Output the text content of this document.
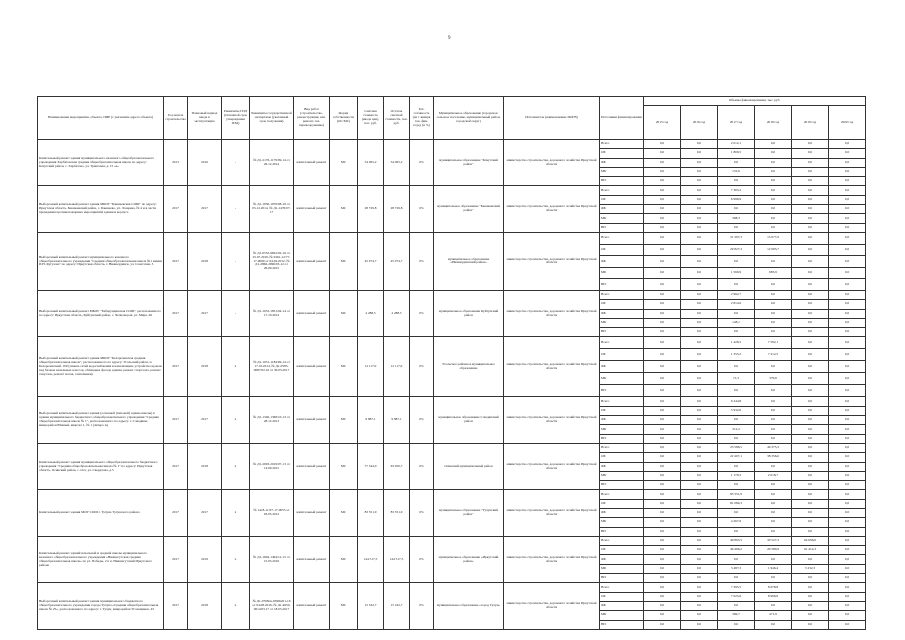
9
Наименование мероприятия, объекта, ПИР (с указанием адреса объекта)	Год начала строительства	Плановый период ввода в эксплуатацию	Реквизиты ПЭД (Основной срок утверждения ПЭД)	Реквизиты государственной экспертизы (указанный срок получения)	Вид работ (строительство, реконструкция, кап. ремонт, тех. перевооружение)	Форма собственности (ОС/МС)	Сметная стоимость (ввода цен), тыс. руб.	Остаток сметной стоимости, тыс. руб.	Тех. готовность (на 1 января тек. фин. года), (в %)	Муниципальное образование (городское/сельское поселение, муниципальный район, городской округ)	Исполнитель (наименование ИОГВ)	Источники финансирования	Объемы финансирования, тыс. руб.					
													2015 год	2016 год	2017 год	2018 год	2019 год	2020 год
Капитальный ремонт здания муниципального казенного общеобразовательного учреждения Харбатовская средняя общеобразовательная школа по адресу: Качугский район, с. Харбатово, ул. Трактовая, д. 15 «а»	2013	2016	-	№ Д1-2176-1179/09-14 от 26.12.2014	капитальный ремонт	МС	54 065,2	54 065,2	0%	муниципальное образование "Качугский район"	министерство строительства, дорожного хозяйства Иркутской области	Всего	0,0	0,0	2 012,1	0,0	0,0	0,0
												ОБ	0,0	0,0	1 809,5	0,0	0,0	0,0
												ФБ	0,0	0,0	0,0	0,0	0,0	0,0
												МБ	0,0	0,0	152,6	0,0	0,0	0,0
												ВИ	0,0	0,0	0,0	0,0	0,0	0,0
Выборочный капитальный ремонт здания МБОУ "Бакшеевская СОШ" по адресу: Иркутская область, Бакшеевский район, с. Бакшеево, ул. Лазарева, № 4 и в части проведения противопожарных мероприятий здания и корпуса	2017	2017	-	№ Д1-1936-1976/08-16 от 05.12.2014, № Д1-1476/07-17	капитальный ремонт	МС	28 729,8	28 729,8	0%	муниципальное образование "Бакшеевский район"	министерство строительства, дорожного хозяйства Иркутской области	Всего	0,0	0,0	7 365,2	0,0	0,0	0,0
												ОБ	0,0	0,0	6 996,9	0,0	0,0	0,0
												ФБ	0,0	0,0	0,0	0,0	0,0	0,0
												МБ	0,0	0,0	368,3	0,0	0,0	0,0
												ВИ	0,0	0,0	0,0	0,0	0,0	0,0
Выборочный капитальный ремонт муниципального казенного общеобразовательного учреждения "Средняя общеобразовательная школа №1 имени И.Н. Кутузова" по адресу: Иркутская область, г. Нижнеудинск, ул. Советская, 3	2017	2018	-	№ Д1-0552-9822/02-16 от 25.07.2016, № 0261-12/77-17-0060 от 04.04.2012, № Д1-2866-2096/03-12 от 29.09.2015	капитальный ремонт	МС	45 074,7	45 074,7	0%	муниципальное образование «Нижнеудинский район»	министерство строительства, дорожного хозяйства Иркутской области	Всего	0,0	0,0	31 397,3	13 677,9	0,0	0,0
												ОБ	0,0	0,0	29 827,3	12 993,7	0,0	0,0
												ФБ	0,0	0,0	0,0	0,0	0,0	0,0
												МБ	0,0	0,0	1 569,9	683,9	0,0	0,0
												ВИ	0,0	0,0	0,0	0,0	0,0	0,0
Выборочный капитальный ремонт МБОУ "Тиберундинская СОШ", расположенного по адресу: Иркутская область, Куйтунский район, с. Челноворов, ул. Мира, 46	2017	2017	-	№ Д1-1033-1831/04-14 от 17.10.2014	капитальный ремонт	МС	4 288,5	4 288,5	0%	муниципальное образование Куйтунский район	министерство строительства, дорожного хозяйства Иркутской области	Всего	0,0	0,0	2 962,7	0,0	0,0	0,0
												ОБ	0,0	0,0	2 814,6	0,0	0,0	0,0
												ФБ	0,0	0,0	0,0	0,0	0,0	0,0
												МБ	0,0	0,0	148,1	0,0	0,0	0,0
												ВИ	0,0	0,0	0,0	0,0	0,0	0,0
Выборочный капитальный ремонт здания МБОУ "Белореченская средняя общеобразовательная школа", расположенного по адресу: Усольский район, п. Белореченский, 100 (замена сетей водоснабжения и канализации, устройство кровли над блоком начальных классов, облицовка фасада здания, ремонт спортзала, ремонт санузлов, ремонт полов, сантехники)	2017	2018	х	№ Д1-1031-1184/09-14 от 17.10.2014, № Д1-0583-9087/02.16 от 30.03.2017	капитальный ремонт	МС	12 117,0	12 117,0	0%	Усольское районное муниципальное образование	министерство строительства, дорожного хозяйства Иркутской области	Всего	0,0	0,0	1 426,5	7 592,1	0,0	0,0
												ОБ	0,0	0,0	1 355,2	7 212,5	0,0	0,0
												ФБ	0,0	0,0	0,0	0,0	0,0	0,0
												МБ	0,0	0,0	71,3	379,6	0,0	0,0
												ВИ	0,0	0,0	0,0	0,0	0,0	0,0
Выборочный капитальный ремонт здания (основной (типовой) здание школы) в здании муниципального бюджетного общеобразовательного учреждения "Средняя общеобразовательная школа № 1", расположенного по адресу: г. Слюдянка, микрорайон Южный, квартал 1, № 1 (литера А)	2017	2017	х	№ Д1-1346-1366/10-13 от 28.12.2013	капитальный ремонт	МС	9 887,1	9 887,1	0%	муниципальное образование Слюдянский район	министерство строительства, дорожного хозяйства Иркутской области	Всего	0,0	0,0	6 244,8	0,0	0,0	0,0
												ОБ	0,0	0,0	5 932,6	0,0	0,0	0,0
												ФБ	0,0	0,0	0,0	0,0	0,0	0,0
												МБ	0,0	0,0	312,2	0,0	0,0	0,0
												ВИ	0,0	0,0	0,0	0,0	0,0	0,0
Капитальный ремонт здания муниципального общеобразовательного бюджетного учреждения "Средняя общеобразовательная школа № 1" по адресу: Иркутская область, Осинский район, с. Оса, ул. Свердлова, д.5	2017	2018	х	№ Д1-2093-2019/07-13 от 14.09.2015	капитальный ремонт	МС	77 344,0	63 950,7	0%	Осинский муниципальный район	министерство строительства, дорожного хозяйства Иркутской области	Всего	0,0	0,0	23 586,5	40 375,3	0,0	0,0
												ОБ	0,0	0,0	22 407,1	38 356,6	0,0	0,0
												ФБ	0,0	0,0	0,0	0,0	0,0	0,0
												МБ	0,0	0,0	1 179,3	2 018,7	0,0	0,0
												ВИ	0,0	0,0	0,0	0,0	0,0	0,0
Капитальный ремонт здания МОУ СОШ г. Тулуна Тулунского района	2017	2017	х	№ 1418-11/07-17-0053 от 03.05.2012	капитальный ремонт	МС	83 351,9	83 351,9	0%	муниципальное образование "Тулунский район"	министерство строительства, дорожного хозяйства Иркутской области	Всего	0,0	0,0	83 351,9	0,0	0,0	0,0
												ОБ	0,0	0,0	81 084,3	0,0	0,0	0,0
												ФБ	0,0	0,0	0,0	0,0	0,0	0,0
												МБ	0,0	0,0	4 267,6	0,0	0,0	0,0
												ВИ	0,0	0,0	0,0	0,0	0,0	0,0
Капитальный ремонт зданий начальной и средней школы муниципального казенного общеобразовательного учреждения «Нижнегутская средняя общеобразовательная школа» по ул. Победы, 2 в п. Нижнегутский Иркутского района	2017	2019	х	№ Д1-1694-1494/12-15 от 15.05.2016	капитальный ремонт	МС	144 517,5	144 517,5	0%	муниципальное образование «Иркутский район»	министерство строительства, дорожного хозяйства Иркутской области	Всего	0,0	0,0	49 803,5	30 527,3	64 696,6	0,0
												ОБ	0,0	0,0	46 496,2	29 580,9	61 414,3	0,0
												ФБ	0,0	0,0	0,0	0,0	0,0	0,0
												МБ	0,0	0,0	3 487,3	1 946,4	3 232,3	0,0
												ВИ	0,0	0,0	0,0	0,0	0,0	0,0
Выборочный капитальный ремонт здания муниципального бюджетного общеобразовательного учреждения города Тулуна «Средняя общеобразовательная школа № 25», расположенного по адресу: г. Тулун, микрорайон Угольщиков, 43	2017	2018	х	№ Д1-0708ов-0398п/01-16 от 04.08.2016, № Д1-4950-0014/03.17 от 18.05.2017	капитальный ремонт	МС	15 162,7	15 162,7	0%	муниципальное образование «город Тулун»	министерство строительства, дорожного хозяйства Иркутской области	Всего	0,0	0,0	7 395,5	8 678,8	0,0	0,0
												ОБ	0,0	0,0	7 025,6	8 906,9	0,0	0,0
												ФБ	0,0	0,0	0,0	0,0	0,0	0,0
												МБ	0,0	0,0	369,7	471,9	0,0	0,0
												ВИ	0,0	0,0	0,0	0,0	0,0	0,0
